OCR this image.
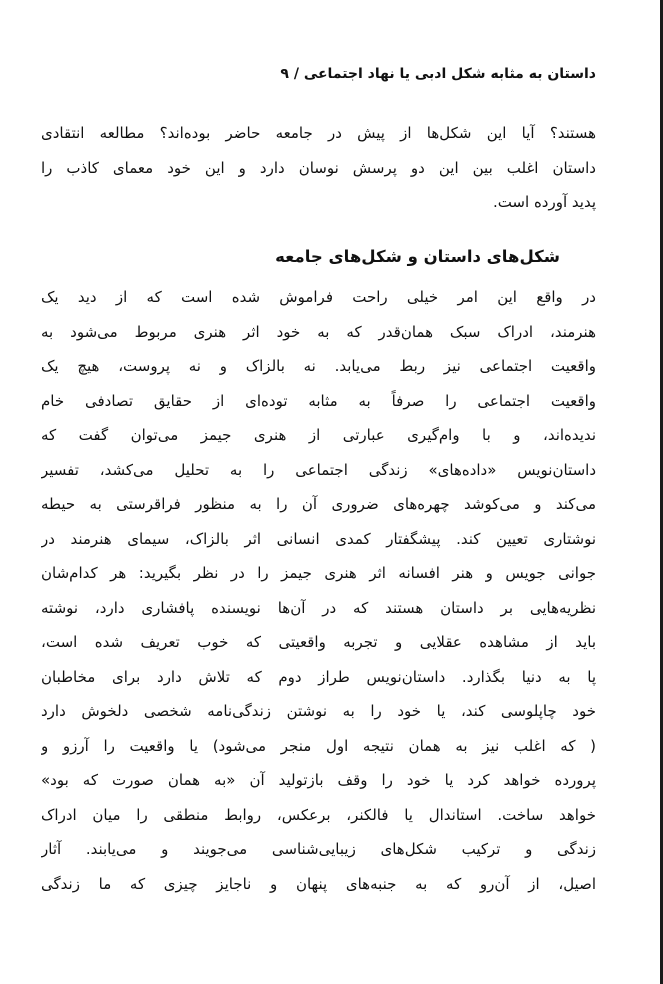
داستان به مثابه شکل ادبی یا نهاد اجتماعی / ۹
هستند؟ آیا این شکل‌ها از پیش در جامعه حاضر بوده‌اند؟ مطالعه انتقادی
داستان اغلب بین این دو پرسش نوسان دارد و این خود معمای کاذب را
پدید آورده است.
شکل‌های داستان و شکل‌های جامعه
در واقع این امر خیلی راحت فراموش شده است که از دید یک
هنرمند، ادراک سبک همان‌قدر که به خود اثر هنری مربوط می‌شود به
واقعیت اجتماعی نیز ربط می‌یابد. نه بالزاک و نه پروست، هیچ یک
واقعیت اجتماعی را صرفاً به مثابه توده‌ای از حقایق تصادفی خام
ندیده‌اند، و با وام‌گیری عبارتی از هنری جیمز می‌توان گفت که
داستان‌نویس «داده‌های» زندگی اجتماعی را به تحلیل می‌کشد، تفسیر
می‌کند و می‌کوشد چهره‌های ضروری آن را به منظور فراقرستی به حیطه
نوشتاری تعیین کند. پیشگفتار کمدی انسانی اثر بالزاک، سیمای هنرمند در
جوانی جویس و هنر افسانه اثر هنری جیمز را در نظر بگیرید: هر کدام‌شان
نظریه‌هایی بر داستان هستند که در آن‌ها نویسنده پافشاری دارد، نوشته
باید از مشاهده عقلایی و تجربه واقعیتی که خوب تعریف شده است،
پا به دنیا بگذارد. داستان‌نویس طراز دوم که تلاش دارد برای مخاطبان
خود چاپلوسی کند، یا خود را به نوشتن زندگی‌نامه شخصی دلخوش دارد
( که اغلب نیز به همان نتیجه اول منجر می‌شود) یا واقعیت را آرزو و
پرورده خواهد کرد یا خود را وقف بازتولید آن «به همان صورت که بود»
خواهد ساخت. استاندال یا فالکنر، برعکس، روابط منطقی را میان ادراک
زندگی و ترکیب شکل‌های زیبایی‌شناسی می‌جویند و می‌یابند. آثار
اصیل، از آن‌رو که به جنبه‌های پنهان و ناجایز چیزی که ما زندگی
